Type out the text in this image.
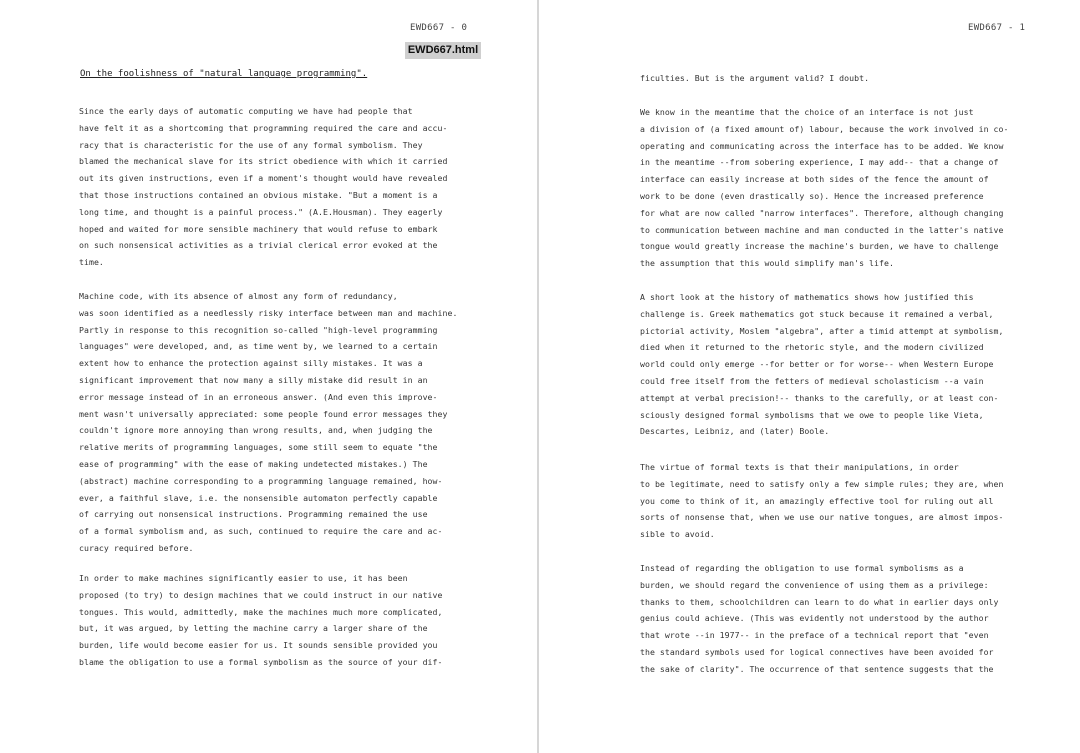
EWD667 - 0
EWD667.html
On the foolishness of "natural language programming".
Since the early days of automatic computing we have had people that
have felt it as a shortcoming that programming required the care and accu-
racy that is characteristic for the use of any formal symbolism. They
blamed the mechanical slave for its strict obedience with which it carried
out its given instructions, even if a moment's thought would have revealed
that those instructions contained an obvious mistake. "But a moment is a
long time, and thought is a painful process." (A.E.Housman). They eagerly
hoped and waited for more sensible machinery that would refuse to embark
on such nonsensical activities as a trivial clerical error evoked at the
time.
Machine code, with its absence of almost any form of redundancy,
was soon identified as a needlessly risky interface between man and machine.
Partly in response to this recognition so-called "high-level programming
languages" were developed, and, as time went by, we learned to a certain
extent how to enhance the protection against silly mistakes. It was a
significant improvement that now many a silly mistake did result in an
error message instead of in an erroneous answer. (And even this improve-
ment wasn't universally appreciated: some people found error messages they
couldn't ignore more annoying than wrong results, and, when judging the
relative merits of programming languages, some still seem to equate "the
ease of programming" with the ease of making undetected mistakes.) The
(abstract) machine corresponding to a programming language remained, how-
ever, a faithful slave, i.e. the nonsensible automaton perfectly capable
of carrying out nonsensical instructions. Programming remained the use
of a formal symbolism and, as such, continued to require the care and ac-
curacy required before.
In order to make machines significantly easier to use, it has been
proposed (to try) to design machines that we could instruct in our native
tongues. This would, admittedly, make the machines much more complicated,
but, it was argued, by letting the machine carry a larger share of the
burden, life would become easier for us. It sounds sensible provided you
blame the obligation to use a formal symbolism as the source of your dif-
EWD667 - 1
ficulties. But is the argument valid? I doubt.
We know in the meantime that the choice of an interface is not just
a division of (a fixed amount of) labour, because the work involved in co-
operating and communicating across the interface has to be added. We know
in the meantime --from sobering experience, I may add-- that a change of
interface can easily increase at both sides of the fence the amount of
work to be done (even drastically so). Hence the increased preference
for what are now called "narrow interfaces". Therefore, although changing
to communication between machine and man conducted in the latter's native
tongue would greatly increase the machine's burden, we have to challenge
the assumption that this would simplify man's life.
A short look at the history of mathematics shows how justified this
challenge is. Greek mathematics got stuck because it remained a verbal,
pictorial activity, Moslem "algebra", after a timid attempt at symbolism,
died when it returned to the rhetoric style, and the modern civilized
world could only emerge --for better or for worse-- when Western Europe
could free itself from the fetters of medieval scholasticism --a vain
attempt at verbal precision!-- thanks to the carefully, or at least con-
sciously designed formal symbolisms that we owe to people like Vieta,
Descartes, Leibniz, and (later) Boole.
The virtue of formal texts is that their manipulations, in order
to be legitimate, need to satisfy only a few simple rules; they are, when
you come to think of it, an amazingly effective tool for ruling out all
sorts of nonsense that, when we use our native tongues, are almost impos-
sible to avoid.
Instead of regarding the obligation to use formal symbolisms as a
burden, we should regard the convenience of using them as a privilege:
thanks to them, schoolchildren can learn to do what in earlier days only
genius could achieve. (This was evidently not understood by the author
that wrote --in 1977-- in the preface of a technical report that "even
the standard symbols used for logical connectives have been avoided for
the sake of clarity". The occurrence of that sentence suggests that the
